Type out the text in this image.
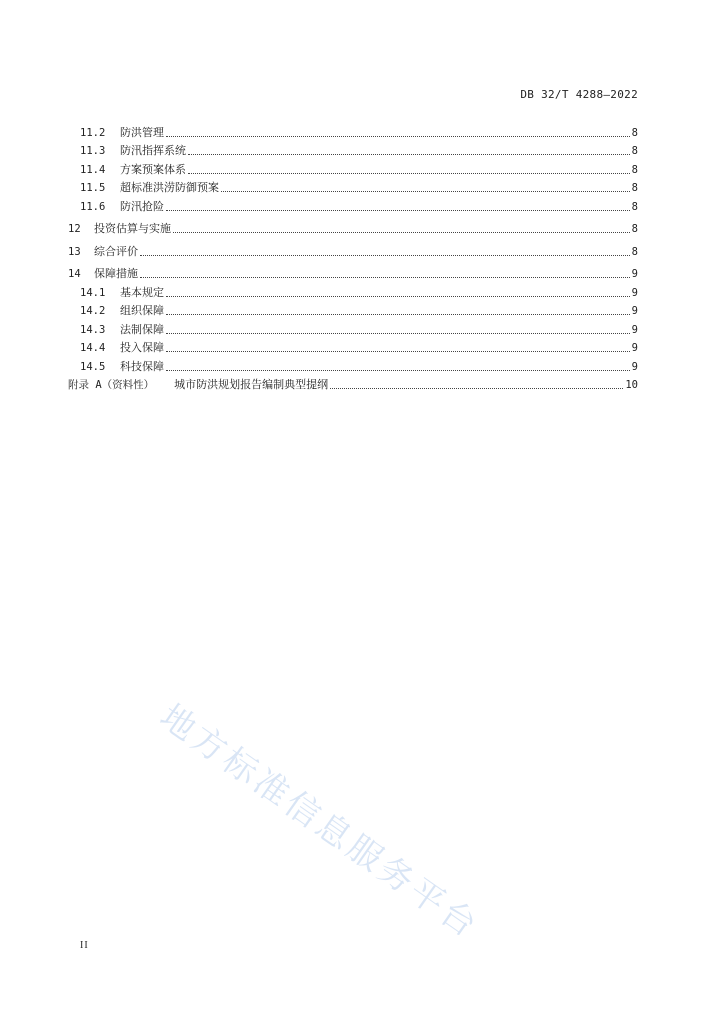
DB 32/T 4288—2022
11.2	防洪管理	8
11.3	防汛指挥系统	8
11.4	方案预案体系	8
11.5	超标准洪涝防御预案	8
11.6	防汛抢险	8
12	投资估算与实施	8
13	综合评价	8
14	保障措施	9
14.1	基本规定	9
14.2	组织保障	9
14.3	法制保障	9
14.4	投入保障	9
14.5	科技保障	9
附录 A（资料性） 城市防洪规划报告编制典型提纲	10
II 地方标准信息服务平台
